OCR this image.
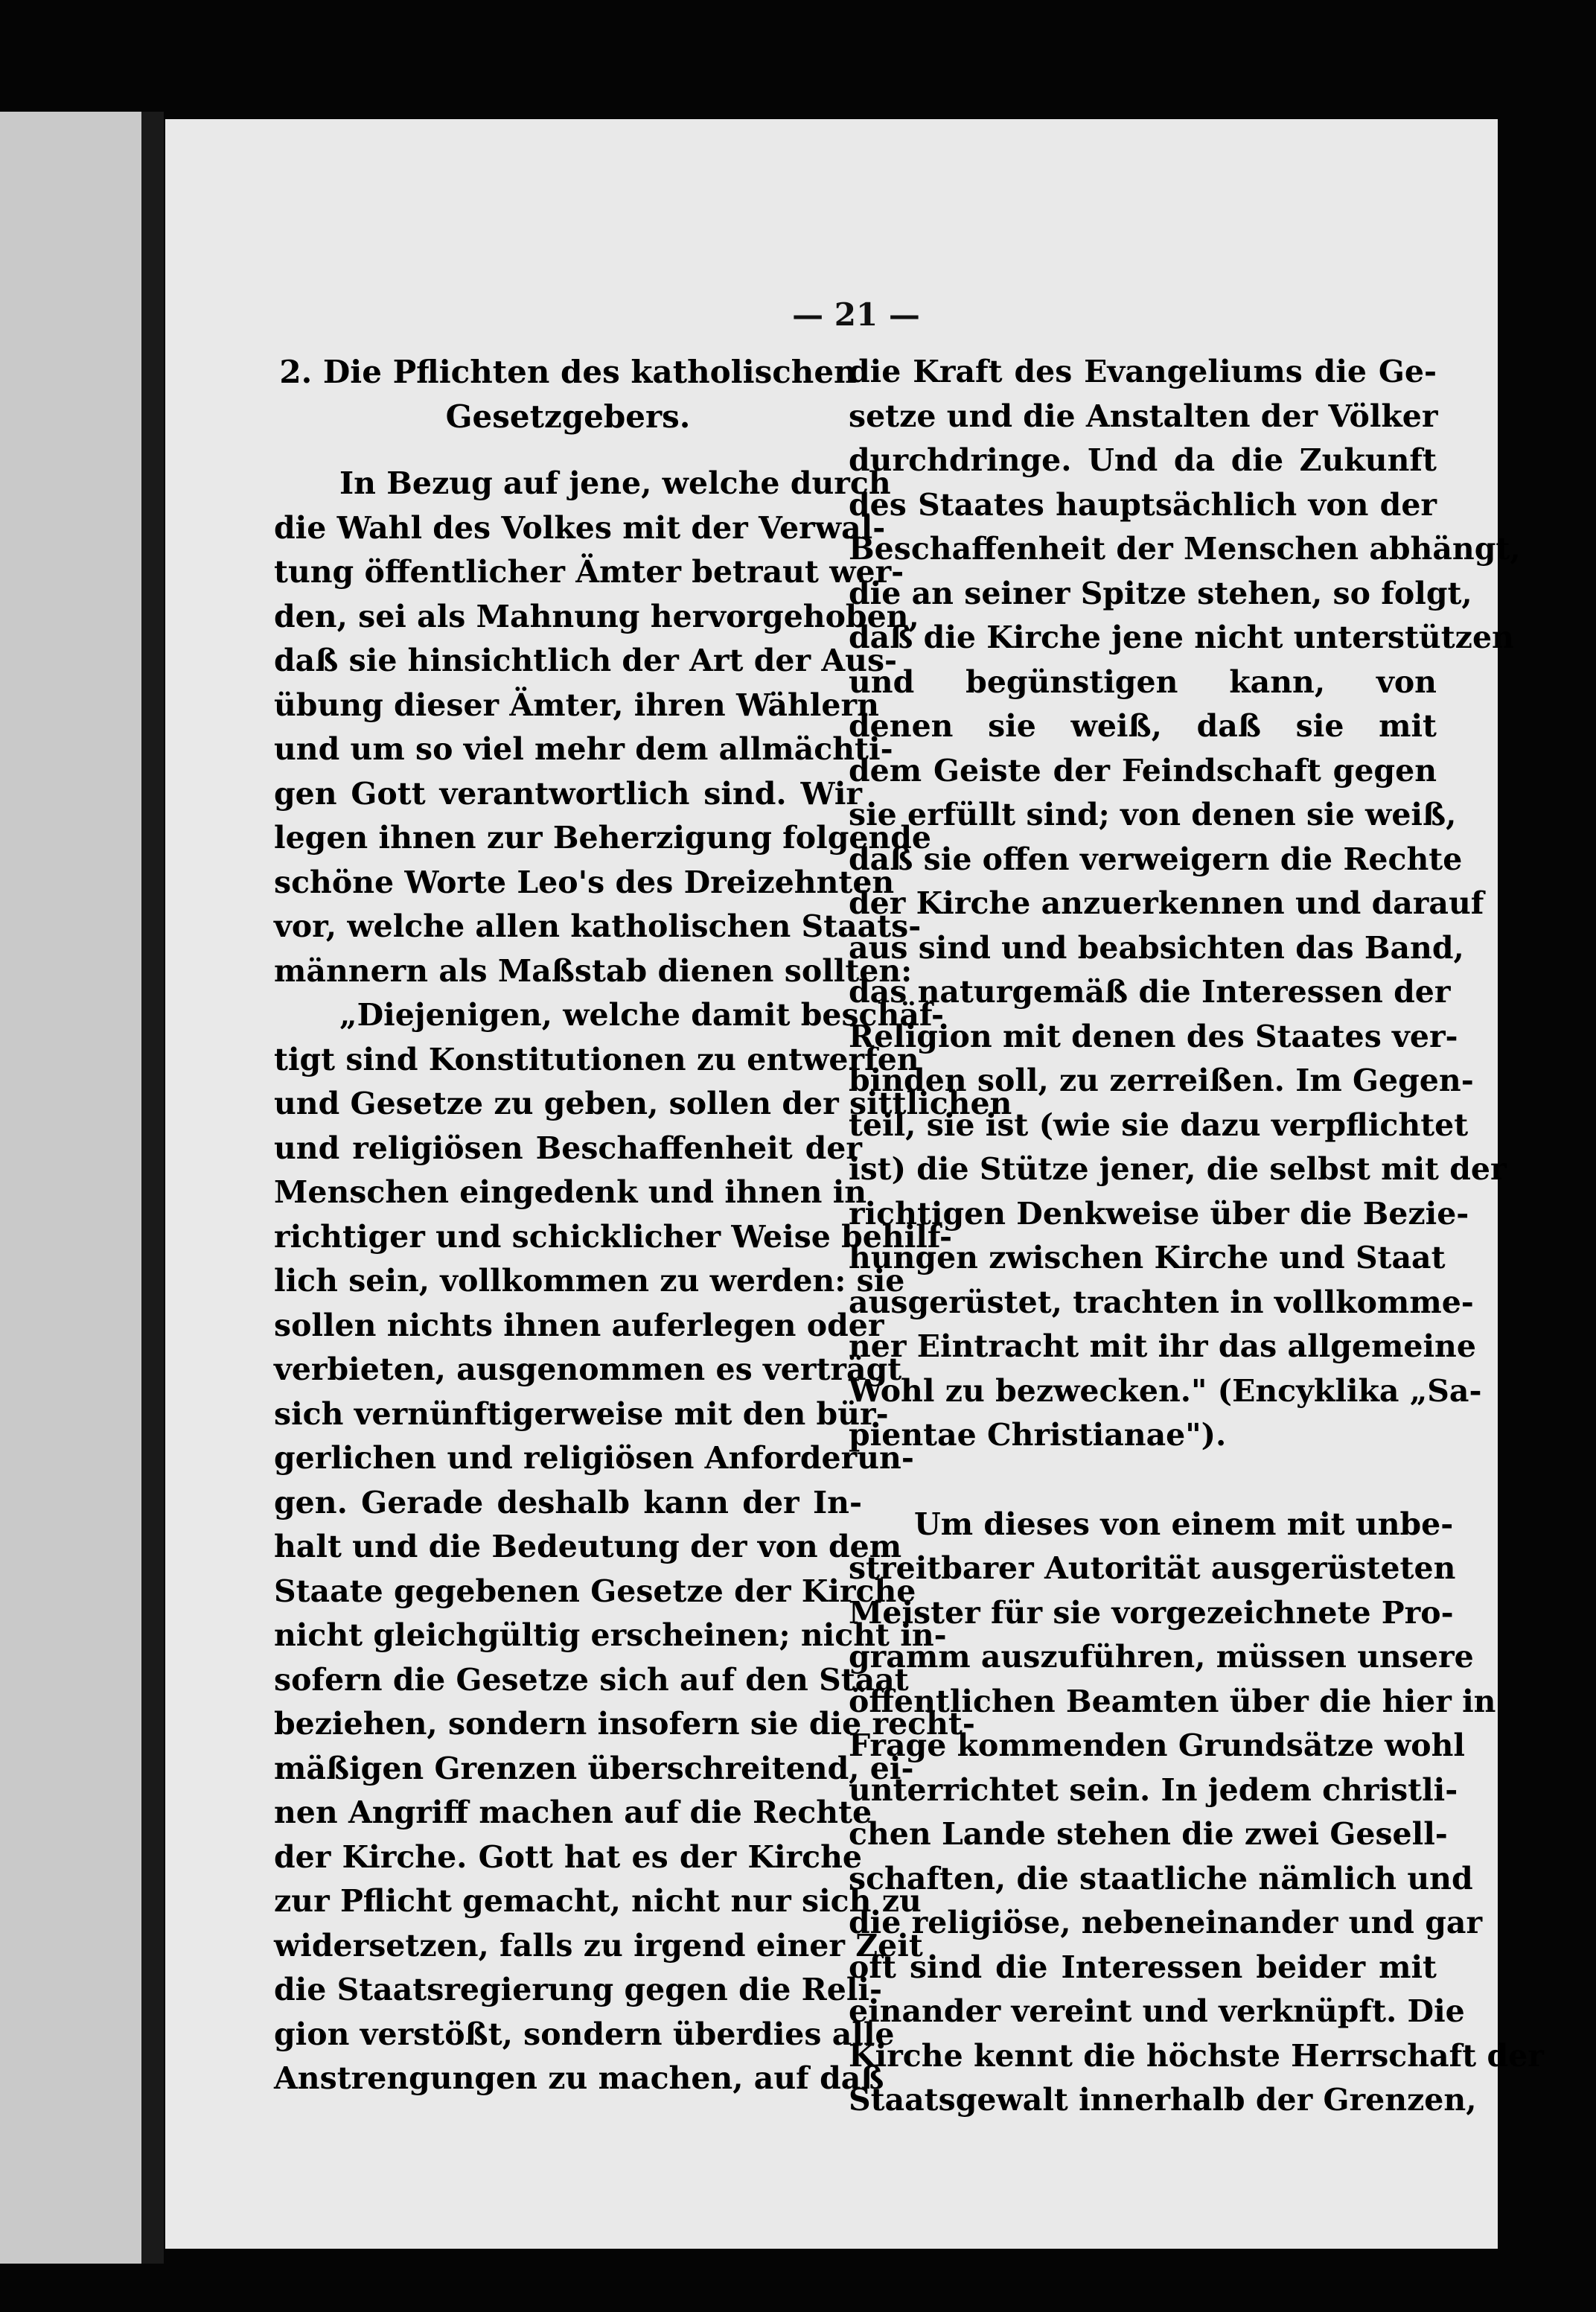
— 21 —
2. Die Pflichten des katholischen
Gesetzgebers.
In Bezug auf jene, welche durch
die Wahl des Volkes mit der Verwal-
tung öffentlicher Ämter betraut wer-
den, sei als Mahnung hervorgehoben,
daß sie hinsichtlich der Art der Aus-
übung dieser Ämter, ihren Wählern
und um so viel mehr dem allmächti-
gen Gott verantwortlich sind. Wir
legen ihnen zur Beherzigung folgende
schöne Worte Leo's des Dreizehnten
vor, welche allen katholischen Staats-
männern als Maßstab dienen sollten:
„Diejenigen, welche damit beschäf-
tigt sind Konstitutionen zu entwerfen
und Gesetze zu geben, sollen der sittlichen
und religiösen Beschaffenheit der
Menschen eingedenk und ihnen in
richtiger und schicklicher Weise behilf-
lich sein, vollkommen zu werden: sie
sollen nichts ihnen auferlegen oder
verbieten, ausgenommen es verträgt
sich vernünftigerweise mit den bür-
gerlichen und religiösen Anforderun-
gen. Gerade deshalb kann der In-
halt und die Bedeutung der von dem
Staate gegebenen Gesetze der Kirche
nicht gleichgültig erscheinen; nicht in-
sofern die Gesetze sich auf den Staat
beziehen, sondern insofern sie die recht-
mäßigen Grenzen überschreitend, ei-
nen Angriff machen auf die Rechte
der Kirche. Gott hat es der Kirche
zur Pflicht gemacht, nicht nur sich zu
widersetzen, falls zu irgend einer Zeit
die Staatsregierung gegen die Reli-
gion verstößt, sondern überdies alle
Anstrengungen zu machen, auf daß
die Kraft des Evangeliums die Ge-
setze und die Anstalten der Völker
durchdringe. Und da die Zukunft
des Staates hauptsächlich von der
Beschaffenheit der Menschen abhängt,
die an seiner Spitze stehen, so folgt,
daß die Kirche jene nicht unterstützen
und begünstigen kann, von
denen sie weiß, daß sie mit
dem Geiste der Feindschaft gegen
sie erfüllt sind; von denen sie weiß,
daß sie offen verweigern die Rechte
der Kirche anzuerkennen und darauf
aus sind und beabsichten das Band,
das naturgemäß die Interessen der
Religion mit denen des Staates ver-
binden soll, zu zerreißen. Im Gegen-
teil, sie ist (wie sie dazu verpflichtet
ist) die Stütze jener, die selbst mit der
richtigen Denkweise über die Bezie-
hungen zwischen Kirche und Staat
ausgerüstet, trachten in vollkomme-
ner Eintracht mit ihr das allgemeine
Wohl zu bezwecken." (Encyklika „Sa-
pientae Christianae").
Um dieses von einem mit unbe-
streitbarer Autorität ausgerüsteten
Meister für sie vorgezeichnete Pro-
gramm auszuführen, müssen unsere
öffentlichen Beamten über die hier in
Frage kommenden Grundsätze wohl
unterrichtet sein. In jedem christli-
chen Lande stehen die zwei Gesell-
schaften, die staatliche nämlich und
die religiöse, nebeneinander und gar
oft sind die Interessen beider mit
einander vereint und verknüpft. Die
Kirche kennt die höchste Herrschaft der
Staatsgewalt innerhalb der Grenzen,
